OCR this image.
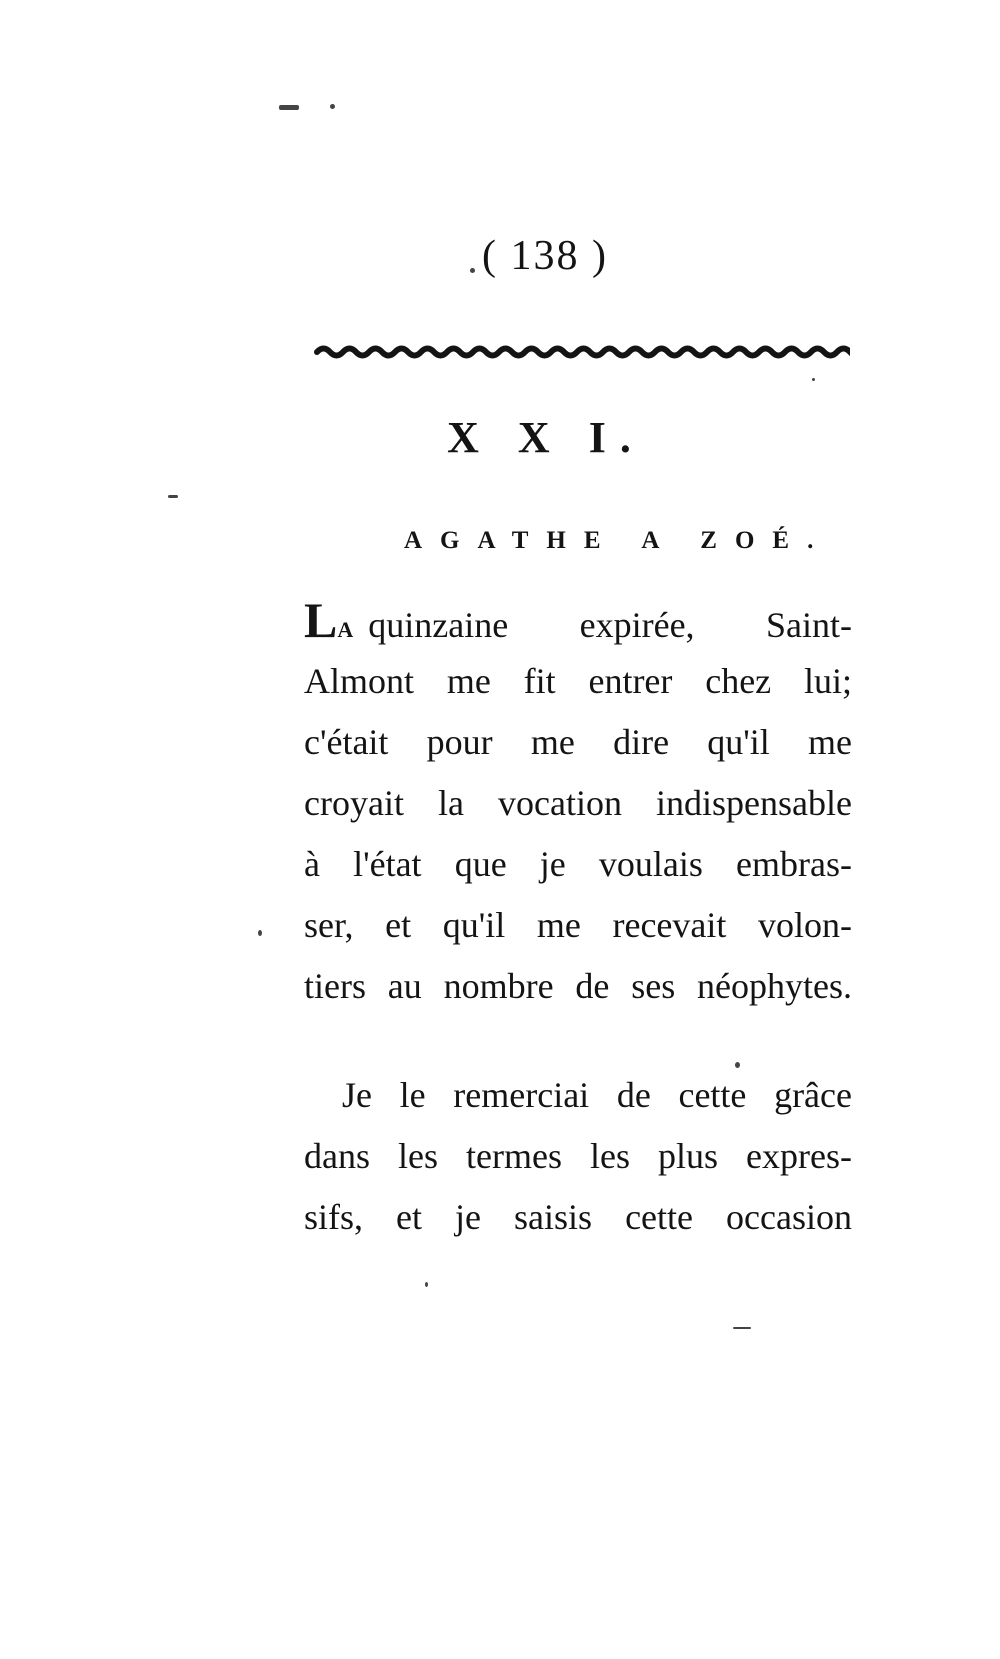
( 138 )
X X I.
AGATHE A ZOÉ.
LA quinzaine expirée, Saint-
Almont me fit entrer chez lui;
c'était pour me dire qu'il me
croyait la vocation indispensable
à l'état que je voulais embras-
ser, et qu'il me recevait volon-
tiers au nombre de ses néophytes.
Je le remerciai de cette grâce
dans les termes les plus expres-
sifs, et je saisis cette occasion
